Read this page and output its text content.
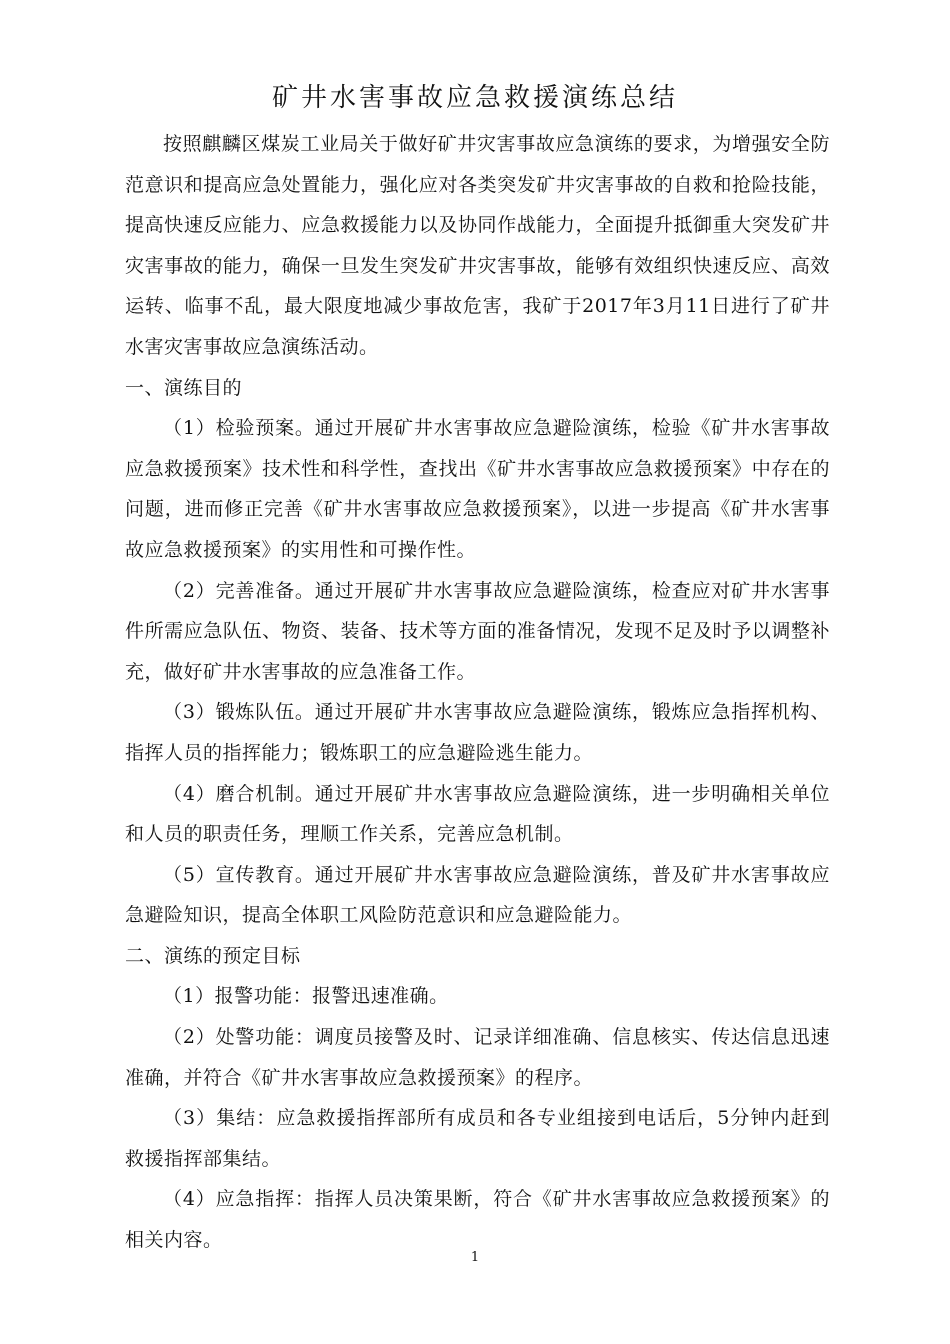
矿井水害事故应急救援演练总结

按照麒麟区煤炭工业局关于做好矿井灾害事故应急演练的要求，为增强安全防范意识和提高应急处置能力，强化应对各类突发矿井灾害事故的自救和抢险技能，提高快速反应能力、应急救援能力以及协同作战能力，全面提升抵御重大突发矿井灾害事故的能力，确保一旦发生突发矿井灾害事故，能够有效组织快速反应、高效运转、临事不乱，最大限度地减少事故危害，我矿于2017年3月11日进行了矿井水害灾害事故应急演练活动。

一、演练目的

（1）检验预案。通过开展矿井水害事故应急避险演练，检验《矿井水害事故应急救援预案》技术性和科学性，查找出《矿井水害事故应急救援预案》中存在的问题，进而修正完善《矿井水害事故应急救援预案》，以进一步提高《矿井水害事故应急救援预案》的实用性和可操作性。

（2）完善准备。通过开展矿井水害事故应急避险演练，检查应对矿井水害事件所需应急队伍、物资、装备、技术等方面的准备情况，发现不足及时予以调整补充，做好矿井水害事故的应急准备工作。

（3）锻炼队伍。通过开展矿井水害事故应急避险演练，锻炼应急指挥机构、指挥人员的指挥能力；锻炼职工的应急避险逃生能力。

（4）磨合机制。通过开展矿井水害事故应急避险演练，进一步明确相关单位和人员的职责任务，理顺工作关系，完善应急机制。

（5）宣传教育。通过开展矿井水害事故应急避险演练，普及矿井水害事故应急避险知识，提高全体职工风险防范意识和应急避险能力。

二、演练的预定目标

（1）报警功能：报警迅速准确。

（2）处警功能：调度员接警及时、记录详细准确、信息核实、传达信息迅速准确，并符合《矿井水害事故应急救援预案》的程序。

（3）集结：应急救援指挥部所有成员和各专业组接到电话后，5分钟内赶到救援指挥部集结。

（4）应急指挥：指挥人员决策果断，符合《矿井水害事故应急救援预案》的相关内容。

1
